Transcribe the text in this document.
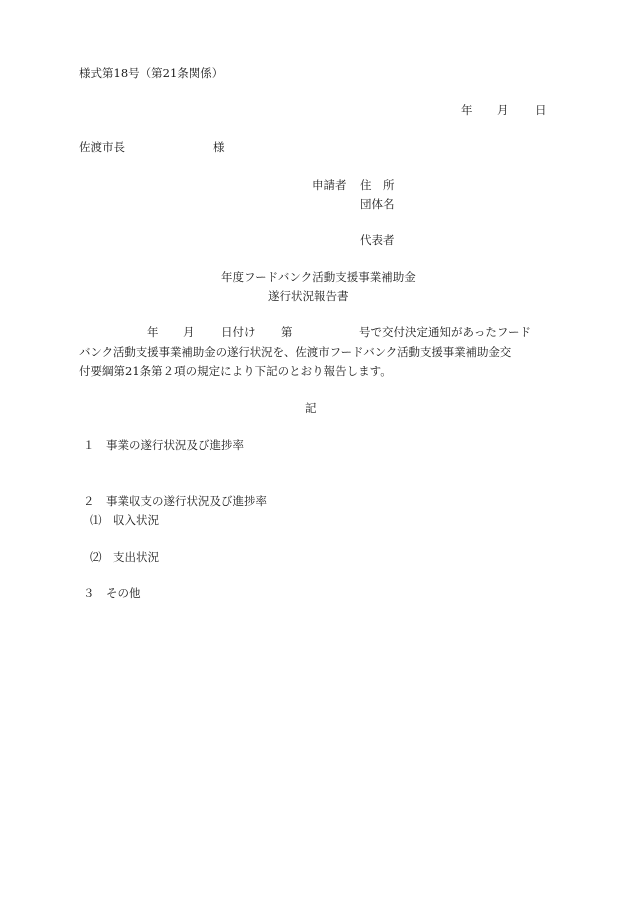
様式第18号（第21条関係）
年 月 日
佐渡市長	様
申請者 住　所
団体名
代表者
年度フードバンク活動支援事業補助金
遂行状況報告書
年 月 日付け 第	号で交付決定通知があったフード
バンク活動支援事業補助金の遂行状況を、佐渡市フードバンク活動支援事業補助金交
付要綱第21条第２項の規定により下記のとおり報告します。
記
１　事業の遂行状況及び進捗率
２　事業収支の遂行状況及び進捗率
⑴　収入状況
⑵　支出状況
３　その他
